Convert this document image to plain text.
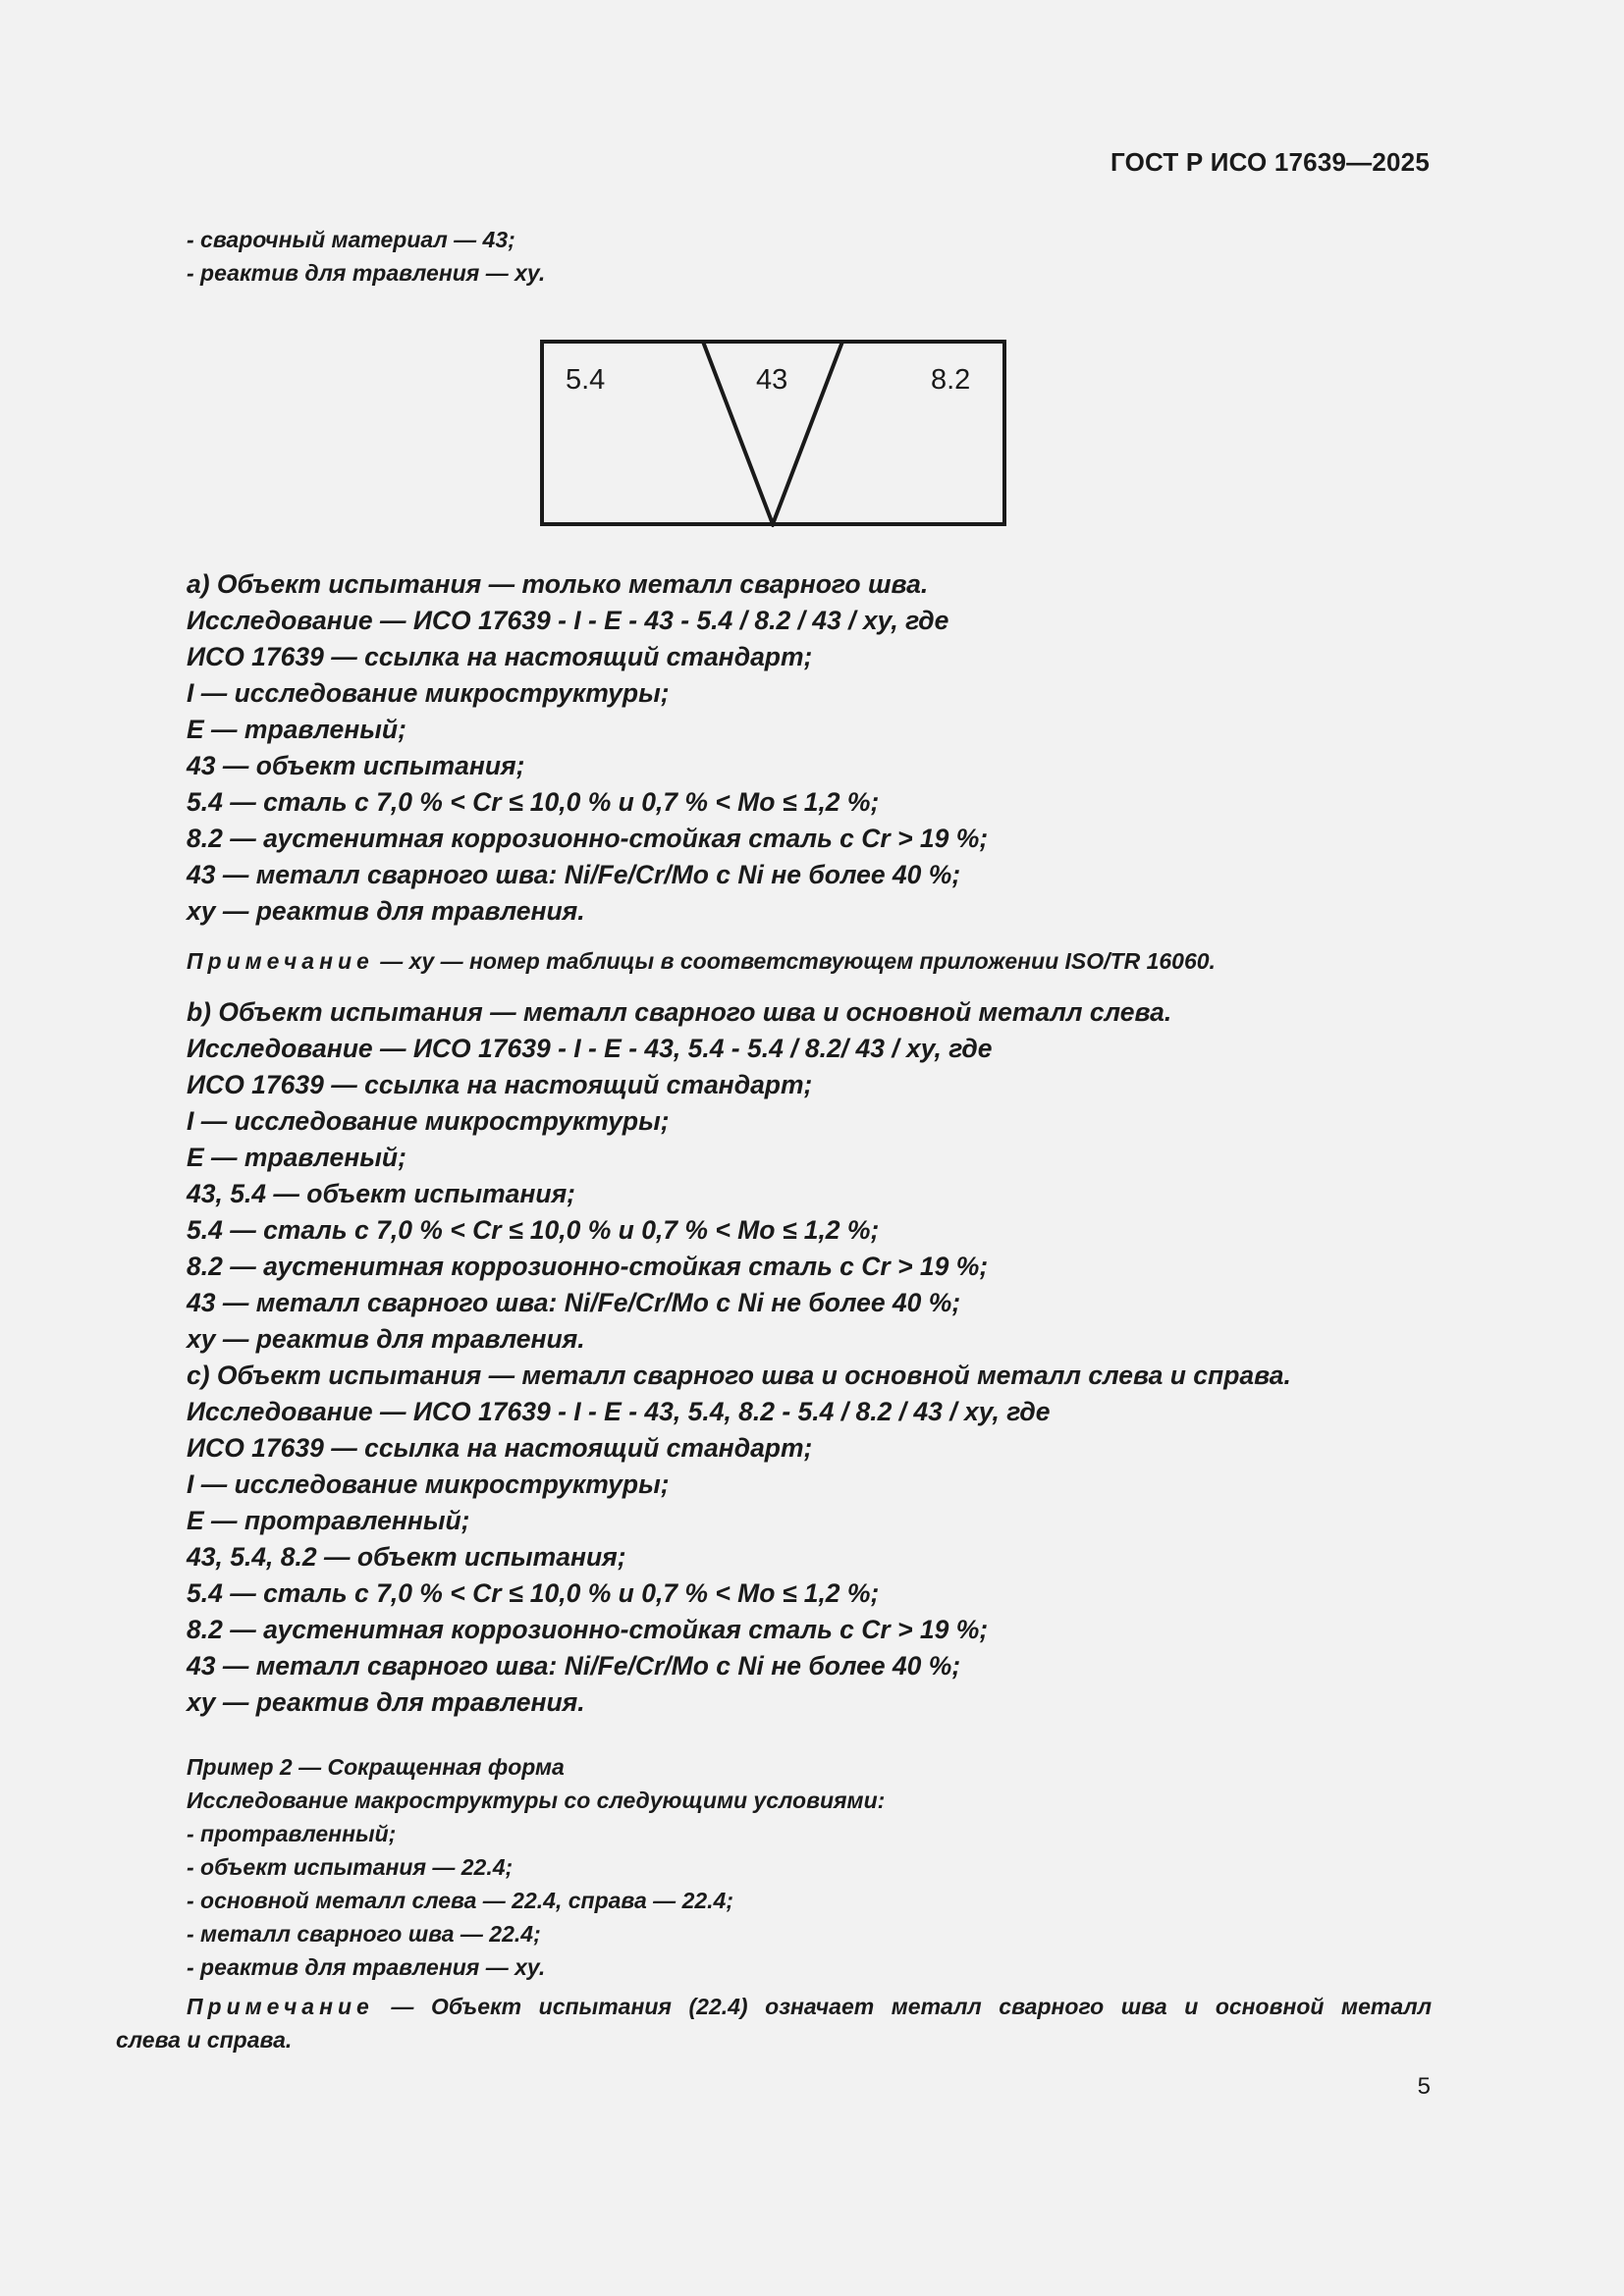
ГОСТ Р ИСО 17639—2025
- сварочный материал — 43;
- реактив для травления — xy.
5.4	43	8.2
a) Объект испытания — только металл сварного шва.
Исследование — ИСО 17639 - I - E - 43 - 5.4 / 8.2 / 43 / xy, где
ИСО 17639 — ссылка на настоящий стандарт;
I — исследование микроструктуры;
E — травленый;
43 — объект испытания;
5.4 — сталь с 7,0 % < Cr ≤ 10,0 % и 0,7 % < Mo ≤ 1,2 %;
8.2 — аустенитная коррозионно-стойкая сталь с Cr > 19 %;
43 — металл сварного шва: Ni/Fe/Cr/Mo с Ni не более 40 %;
xy — реактив для травления.
Примечание — xy — номер таблицы в соответствующем приложении ISO/TR 16060.
b) Объект испытания — металл сварного шва и основной металл слева.
Исследование — ИСО 17639 - I - E - 43, 5.4 - 5.4 / 8.2/ 43 / xy, где
ИСО 17639 — ссылка на настоящий стандарт;
I — исследование микроструктуры;
E — травленый;
43, 5.4 — объект испытания;
5.4 — сталь с 7,0 % < Cr ≤ 10,0 % и 0,7 % < Mo ≤ 1,2 %;
8.2 — аустенитная коррозионно-стойкая сталь с Cr > 19 %;
43 — металл сварного шва: Ni/Fe/Cr/Mo с Ni не более 40 %;
xy — реактив для травления.
c) Объект испытания — металл сварного шва и основной металл слева и справа.
Исследование — ИСО 17639 - I - E - 43, 5.4, 8.2 - 5.4 / 8.2 / 43 / xy, где
ИСО 17639 — ссылка на настоящий стандарт;
I — исследование микроструктуры;
E — протравленный;
43, 5.4, 8.2 — объект испытания;
5.4 — сталь с 7,0 % < Cr ≤ 10,0 % и 0,7 % < Mo ≤ 1,2 %;
8.2 — аустенитная коррозионно-стойкая сталь с Cr > 19 %;
43 — металл сварного шва: Ni/Fe/Cr/Mo с Ni не более 40 %;
xy — реактив для травления.
Пример 2 — Сокращенная форма
Исследование макроструктуры со следующими условиями:
- протравленный;
- объект испытания — 22.4;
- основной металл слева — 22.4, справа — 22.4;
- металл сварного шва — 22.4;
- реактив для травления — xy.
Примечание — Объект испытания (22.4) означает металл сварного шва и основной металл
слева и справа.
5
